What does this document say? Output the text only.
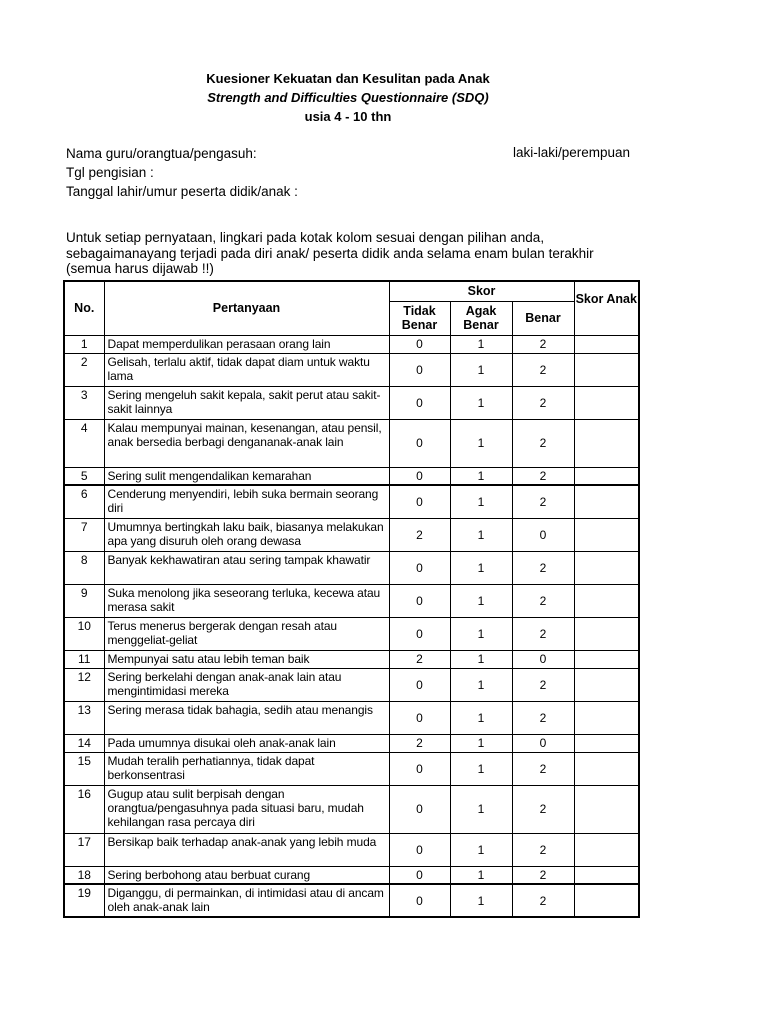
Kuesioner Kekuatan dan Kesulitan pada Anak
Strength and Difficulties Questionnaire (SDQ)
usia 4 - 10 thn
Nama guru/orangtua/pengasuh:	laki-laki/perempuan
Tgl pengisian :
Tanggal lahir/umur peserta didik/anak :
Untuk setiap pernyataan, lingkari pada kotak kolom sesuai dengan pilihan anda,
sebagaimanayang terjadi pada diri anak/ peserta didik anda selama enam bulan terakhir
(semua harus dijawab !!)
No.	Pertanyaan	Skor			Skor Anak
		Tidak Benar	Agak Benar	Benar	
1	Dapat memperdulikan perasaan orang lain	0	1	2	
2	Gelisah, terlalu aktif, tidak dapat diam untuk waktu lama	0	1	2	
3	Sering mengeluh sakit kepala, sakit perut atau sakit-sakit lainnya	0	1	2	
4	Kalau mempunyai mainan, kesenangan, atau pensil, anak bersedia berbagi dengananak-anak lain	0	1	2	
5	Sering sulit mengendalikan kemarahan	0	1	2	
6	Cenderung menyendiri, lebih suka bermain seorang diri	0	1	2	
7	Umumnya bertingkah laku baik, biasanya melakukan apa yang disuruh oleh orang dewasa	2	1	0	
8	Banyak kekhawatiran atau sering tampak khawatir	0	1	2	
9	Suka menolong jika seseorang terluka, kecewa atau merasa sakit	0	1	2	
10	Terus menerus bergerak dengan resah atau menggeliat-geliat	0	1	2	
11	Mempunyai satu atau lebih teman baik	2	1	0	
12	Sering berkelahi dengan anak-anak lain atau mengintimidasi mereka	0	1	2	
13	Sering merasa tidak bahagia, sedih atau menangis	0	1	2	
14	Pada umumnya disukai oleh anak-anak lain	2	1	0	
15	Mudah teralih perhatiannya, tidak dapat berkonsentrasi	0	1	2	
16	Gugup atau sulit berpisah dengan orangtua/pengasuhnya pada situasi baru, mudah kehilangan rasa percaya diri	0	1	2	
17	Bersikap baik terhadap anak-anak yang lebih muda	0	1	2	
18	Sering berbohong atau berbuat curang	0	1	2	
19	Diganggu, di permainkan, di intimidasi atau di ancam oleh anak-anak lain	0	1	2	
